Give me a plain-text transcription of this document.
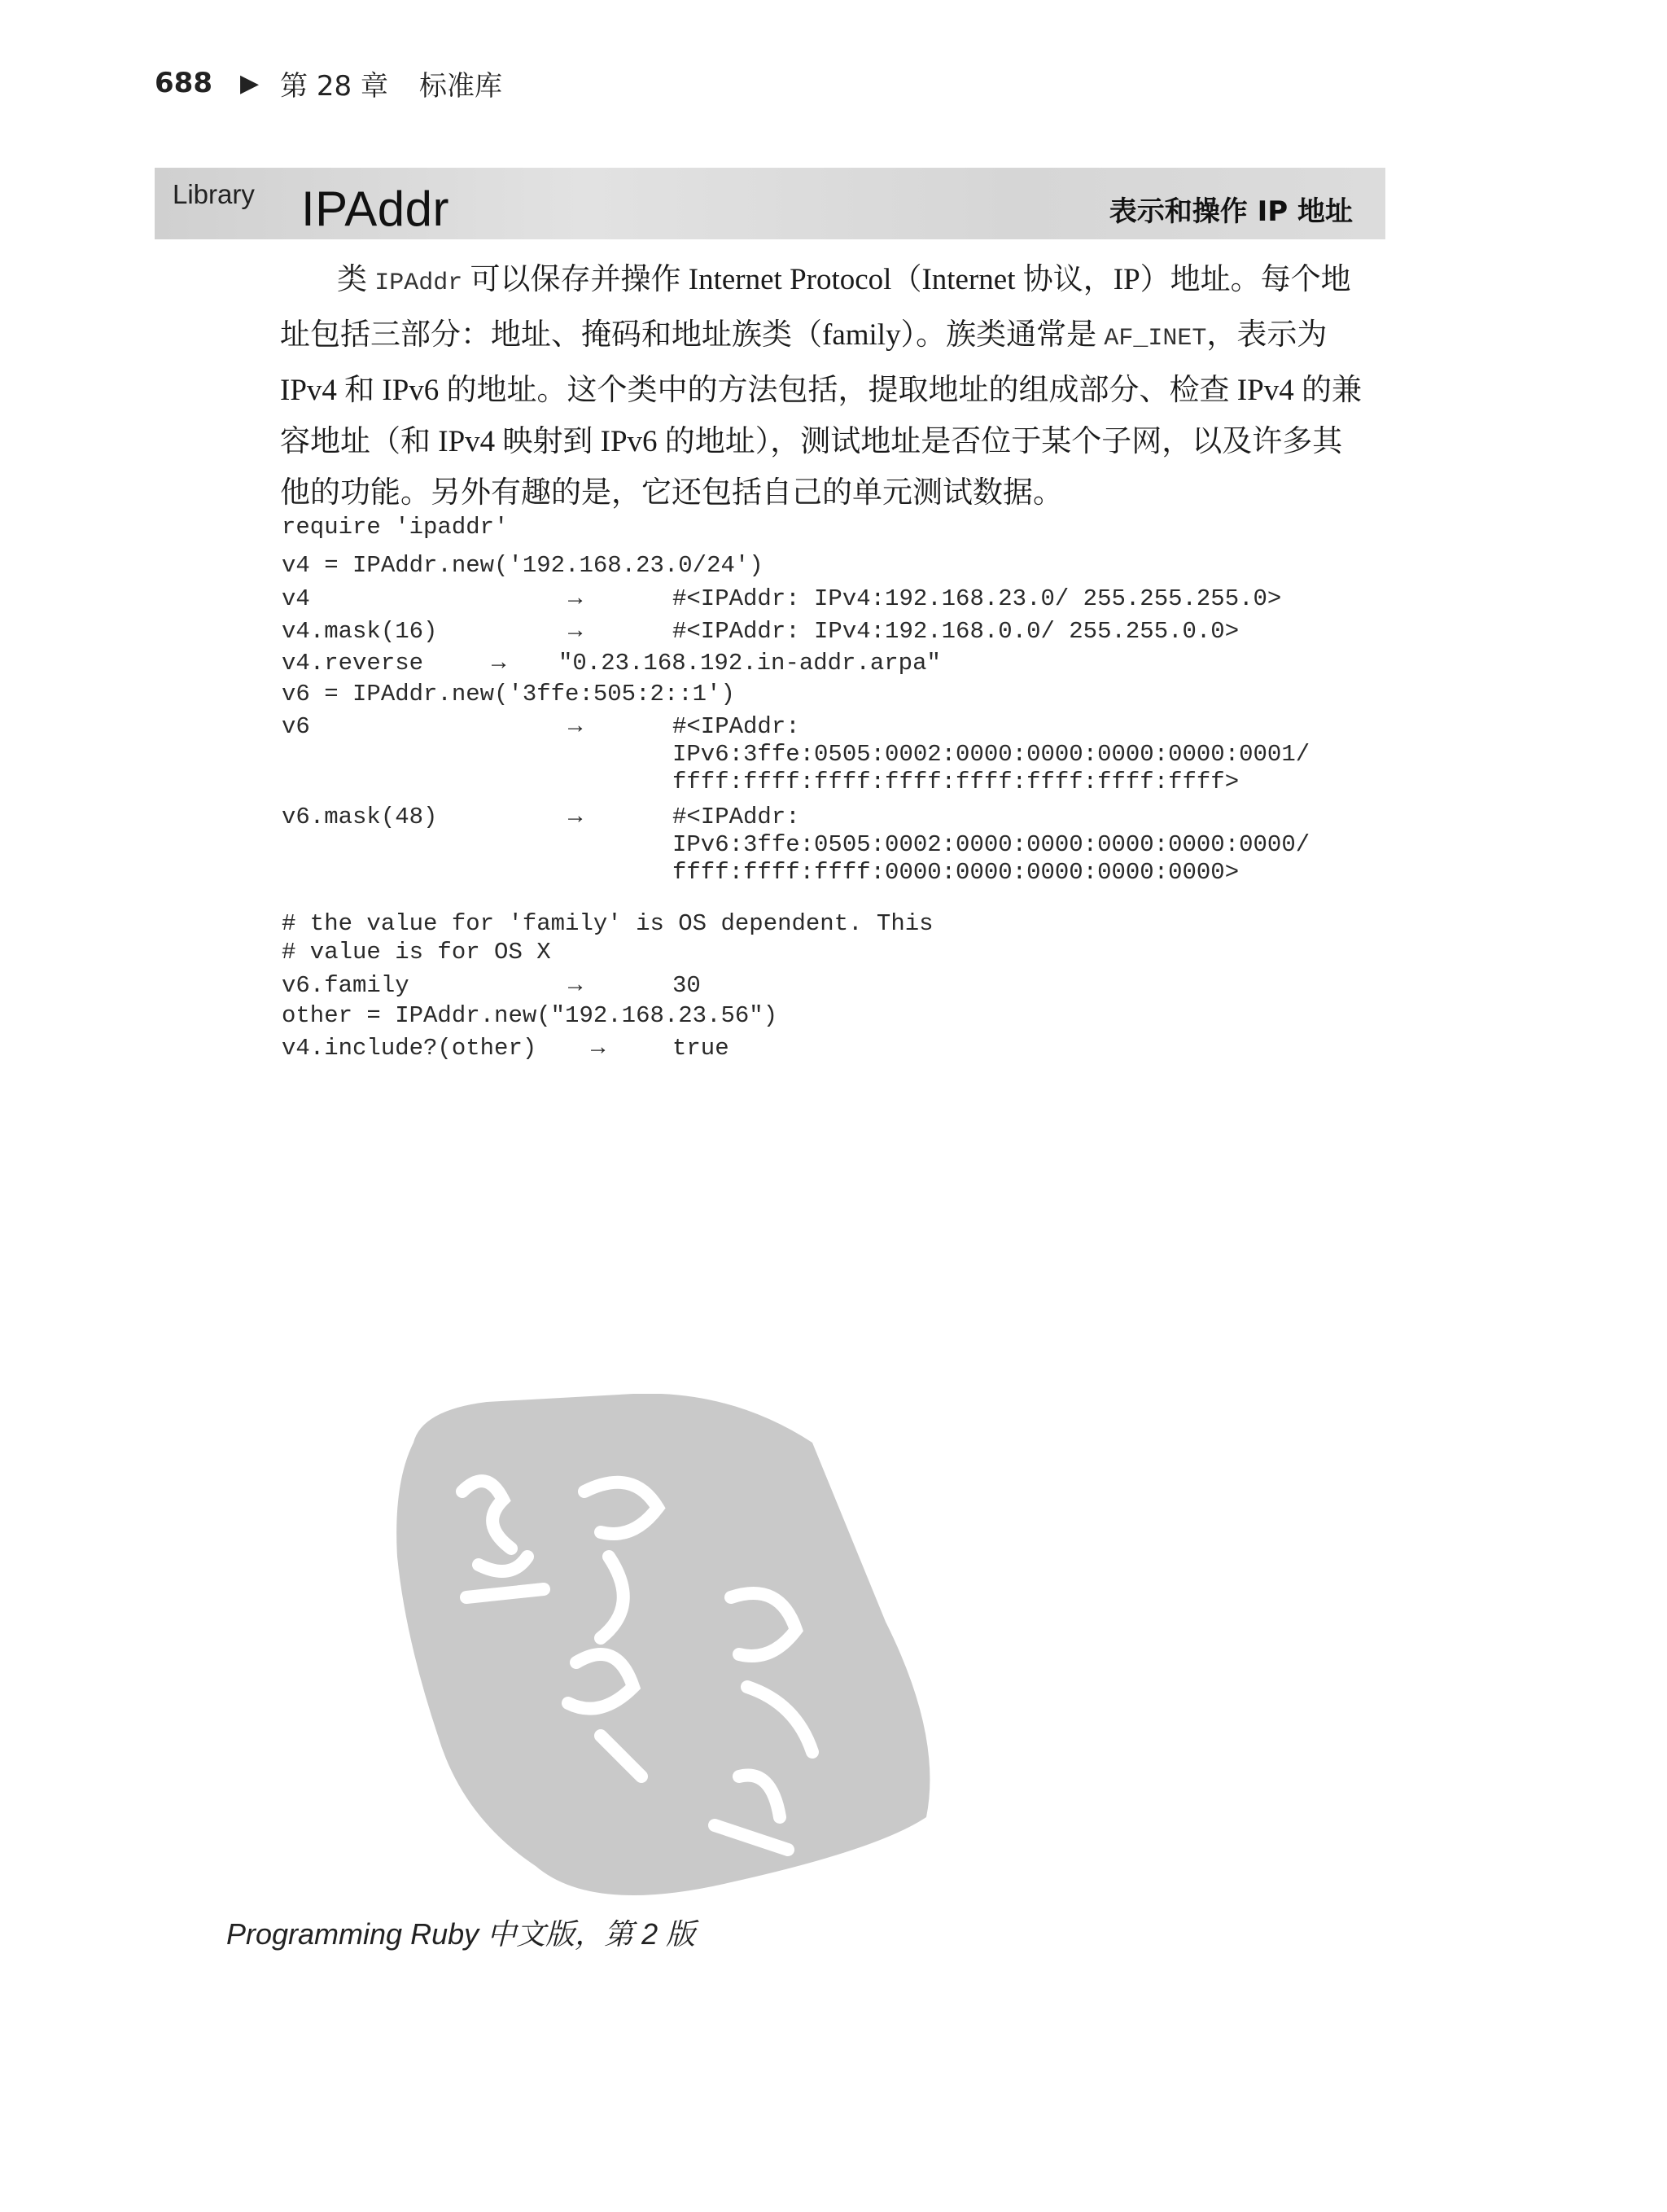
688 ▶ 第 28 章 标准库
Library IPAddr	表示和操作 IP 地址

类 IPAddr 可以保存并操作 Internet Protocol（Internet 协议，IP）地址。每个地
址包括三部分：地址、掩码和地址族类（family）。族类通常是 AF_INET，表示为
IPv4 和 IPv6 的地址。这个类中的方法包括，提取地址的组成部分、检查 IPv4 的兼
容地址（和 IPv4 映射到 IPv6 的地址），测试地址是否位于某个子网，以及许多其
他的功能。另外有趣的是，它还包括自己的单元测试数据。

require 'ipaddr'
v4 = IPAddr.new('192.168.23.0/24')
v4	→	#<IPAddr: IPv4:192.168.23.0/ 255.255.255.0>
v4.mask(16)	→	#<IPAddr: IPv4:192.168.0.0/ 255.255.0.0>
v4.reverse	→ "0.23.168.192.in-addr.arpa"
v6 = IPAddr.new('3ffe:505:2::1')
v6	→	#<IPAddr:
IPv6:3ffe:0505:0002:0000:0000:0000:0000:0001/
ffff:ffff:ffff:ffff:ffff:ffff:ffff:ffff>
v6.mask(48)	→	#<IPAddr:
IPv6:3ffe:0505:0002:0000:0000:0000:0000:0000/
ffff:ffff:ffff:0000:0000:0000:0000:0000>
# the value for 'family' is OS dependent. This
# value is for OS X
v6.family	→	30
other = IPAddr.new("192.168.23.56")
v4.include?(other) →	true
Programming Ruby 中文版，第 2 版
